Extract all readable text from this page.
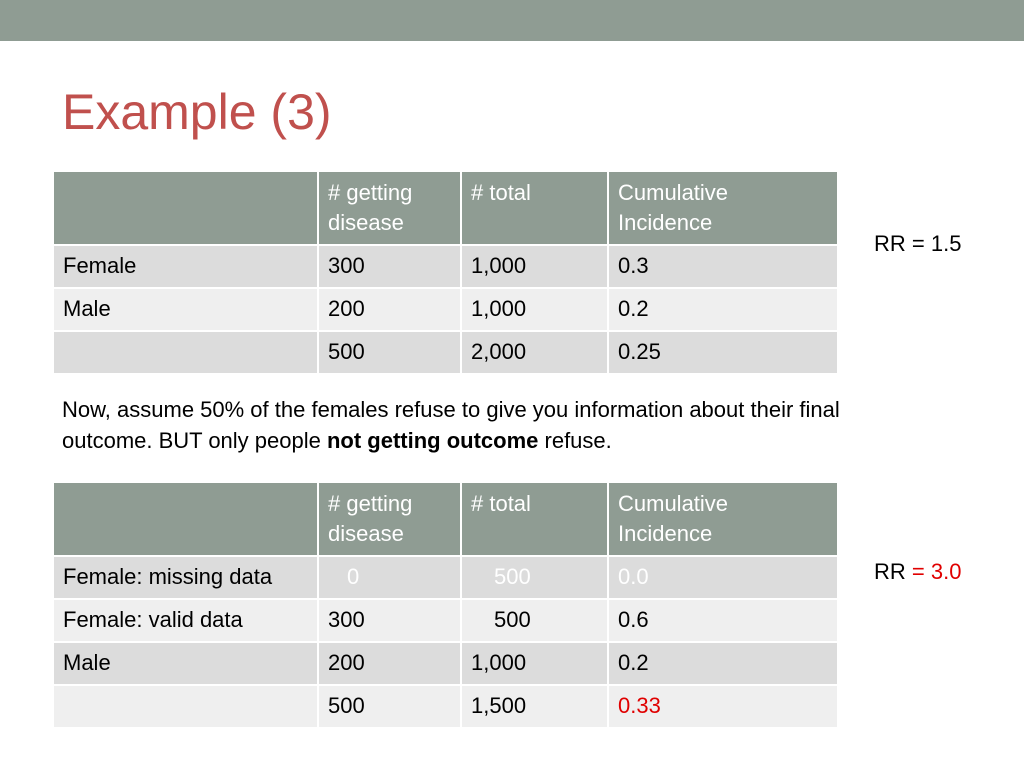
Example (3)
	# getting disease	# total	Cumulative Incidence
Female	300	1,000	0.3
Male	200	1,000	0.2
	500	2,000	0.25
RR = 1.5
Now, assume 50% of the females refuse to give you information about their final outcome. BUT only people not getting outcome refuse.
	# getting disease	# total	Cumulative Incidence
Female: missing data	0	500	0.0
Female: valid data	300	500	0.6
Male	200	1,000	0.2
	500	1,500	0.33
RR = 3.0
